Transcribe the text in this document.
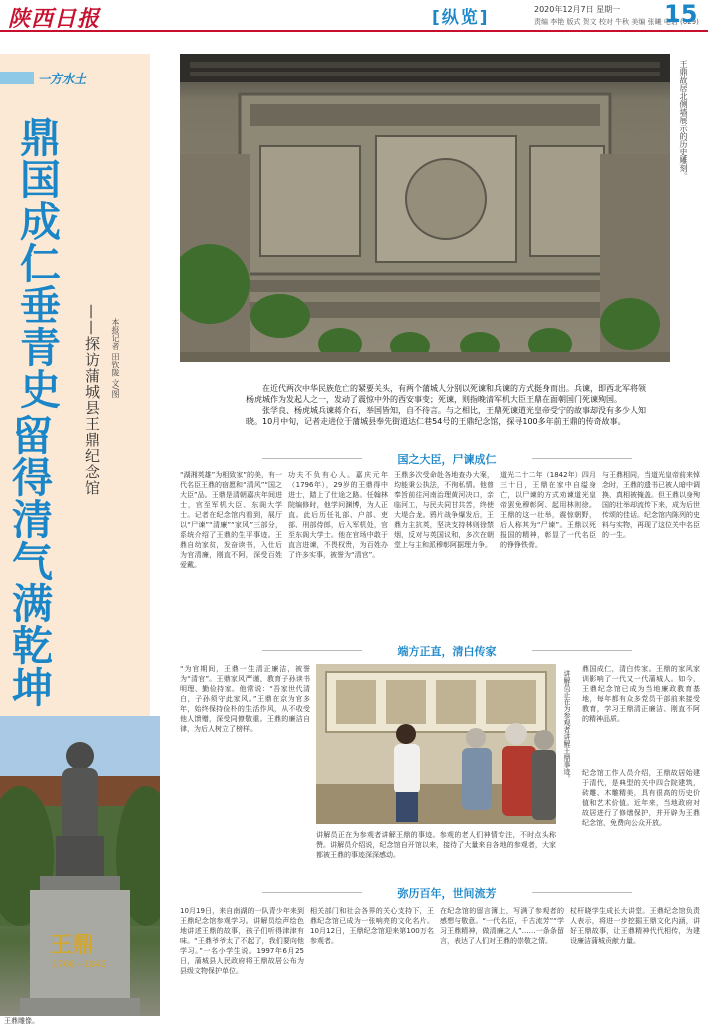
陕西日报	[纵览]	2020年12月7日 星期一
责编 李艳 版式 贺文 校对 牛秋 美编 张曦 电话 (029)
15
一方水土
鼎国成仁垂青史
留得清气满乾坤
——探访蒲城县王鼎纪念馆 本报记者 田钦陇 文/图
王鼎故居北侧墙展示的历史雕刻。

在近代两次中华民族危亡的紧要关头，有两个蒲城人分别以死谏和兵谏的方式挺身而出。兵谏，即西北军将领杨虎城作为发起人之一，发动了震惊中外的西安事变；死谏，则指晚清军机大臣王鼎在面朝国门死谏殉国。

张学良、杨虎城兵谏蒋介石，举国皆知，自不待言。与之相比，王鼎死谏道光皇帝受宁的故事却没有多少人知晓。10月中旬，记者走进位于蒲城县奉先街道达仁巷54号的王鼎纪念馆，探寻100多年前王鼎的传奇故事。

国之大臣，尸谏成仁
“湖湘英雄”为相致家”的美，有一代名臣王鼎的宿愿和“清风”“国之大臣”品。王鼎是清朝嘉庆年间进士，官至军机大臣、东阁大学士。记者在纪念馆内看到，展厅以“尸谏”“清廉”“家风”三部分，系统介绍了王鼎的生平事迹。王鼎自幼家贫，发奋读书，入仕后为官清廉，刚直不阿，深受百姓爱戴。
功夫不负有心人。嘉庆元年（1796年），29岁的王鼎得中进士，踏上了仕途之路。任翰林院编修时，他学问渊博，为人正直。此后历任礼部、户部、吏部、刑部侍郎，后入军机处，官至东阁大学士。他在官场中敢于直言进谏，不畏权贵，为百姓办了许多实事，被誉为“清官”。
王鼎多次受命赴各地查办大案，均能秉公执法，不徇私情。他曾奉旨前往河南治理黄河决口，亲临河工，与民夫同甘共苦，终使大堤合龙。鸦片战争爆发后，王鼎力主抗英，坚决支持林则徐禁烟，反对与英国议和，多次在朝堂上与主和派穆彰阿据理力争。
道光二十二年（1842年）四月三十日，王鼎在家中自缢身亡，以尸谏的方式劝谏道光皇帝罢免穆彰阿、起用林则徐。王鼎的这一壮举，震惊朝野，后人称其为“尸谏”。王鼎以死报国的精神，彰显了一代名臣的铮铮铁骨。
与王鼎相同，当道光皇帝前来悼念时，王鼎的遗书已被人暗中调换，真相被掩盖。但王鼎以身殉国的壮举却流传下来，成为后世传颂的佳话。纪念馆内陈列的史料与实物，再现了这位关中名臣的一生。
端方正直，清白传家
“为官期间，王鼎一生清正廉洁，被誉为“清官”。王鼎家风严谨，教育子孙读书明理、勤俭持家。他常说：“吾家世代清白，子孙须守此家风。”王鼎在京为官多年，始终保持俭朴的生活作风，从不收受他人馈赠，深受同僚敬重。王鼎的廉洁自律，为后人树立了榜样。	讲解员正在为参观者讲解王鼎事迹。
讲解员正在为参观者讲解王鼎的事迹。参观的老人们神情专注，不时点头称赞。讲解员介绍说，纪念馆自开馆以来，接待了大量来自各地的参观者，大家都被王鼎的事迹深深感动。
鼎国成仁，清白传家。王鼎的家风家训影响了一代又一代蒲城人。如今，王鼎纪念馆已成为当地廉政教育基地，每年都有众多党员干部前来接受教育，学习王鼎清正廉洁、刚直不阿的精神品质。
纪念馆工作人员介绍，王鼎故居始建于清代，是典型的关中四合院建筑，砖雕、木雕精美，具有很高的历史价值和艺术价值。近年来，当地政府对故居进行了修缮保护，并开辟为王鼎纪念馆，免费向公众开放。
弥历百年，世间流芳
10月19日，来自南湖的一队青少年来到王鼎纪念馆参观学习。讲解员绘声绘色地讲述王鼎的故事，孩子们听得津津有味。“王鼎爷爷太了不起了，我们要向他学习。”一名小学生说。1997年6月25日，蒲城县人民政府将王鼎故居公布为县级文物保护单位。
相关部门和社会各界的关心支持下，王鼎纪念馆已成为一张响亮的文化名片。10月12日，王鼎纪念馆迎来第100万名参观者。
在纪念馆的留言簿上，写满了参观者的感想与敬意。“一代名臣，千古流芳”“学习王鼎精神，做清廉之人”……一条条留言，表达了人们对王鼎的崇敬之情。
杖杆晓学生成长大讲堂。王鼎纪念馆负责人表示，将进一步挖掘王鼎文化内涵，讲好王鼎故事，让王鼎精神代代相传，为建设廉洁蒲城贡献力量。
王鼎
1768—1842
王鼎雕像。
